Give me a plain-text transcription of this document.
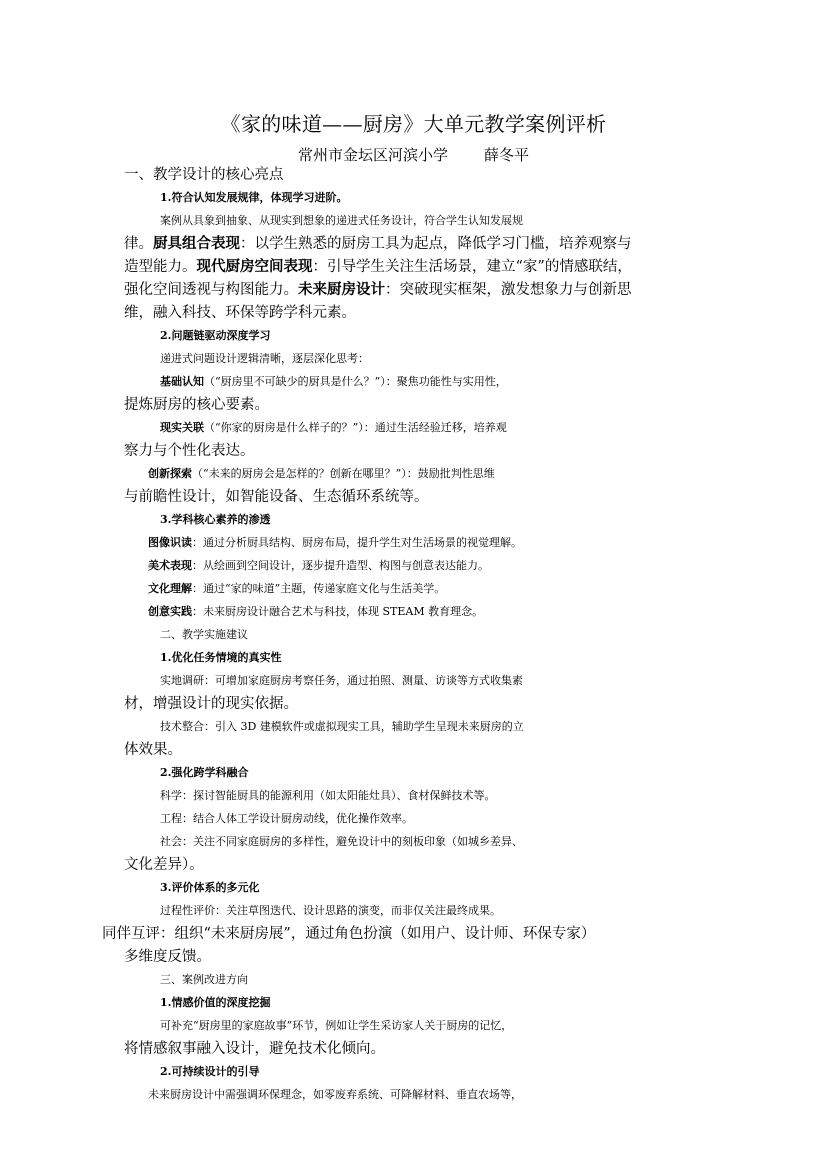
《家的味道——厨房》大单元教学案例评析
常州市金坛区河滨小学 薛冬平
一、教学设计的核心亮点
1.符合认知发展规律，体现学习进阶。
案例从具象到抽象、从现实到想象的递进式任务设计，符合学生认知发展规
律。厨具组合表现：以学生熟悉的厨房工具为起点，降低学习门槛，培养观察与
造型能力。现代厨房空间表现：引导学生关注生活场景，建立“家”的情感联结，
强化空间透视与构图能力。未来厨房设计：突破现实框架，激发想象力与创新思
维，融入科技、环保等跨学科元素。
2.问题链驱动深度学习
递进式问题设计逻辑清晰，逐层深化思考：
基础认知（“厨房里不可缺少的厨具是什么？”）：聚焦功能性与实用性，
提炼厨房的核心要素。
现实关联（“你家的厨房是什么样子的？”）：通过生活经验迁移，培养观
察力与个性化表达。
创新探索（“未来的厨房会是怎样的？创新在哪里？”）：鼓励批判性思维
与前瞻性设计，如智能设备、生态循环系统等。
3.学科核心素养的渗透
图像识读：通过分析厨具结构、厨房布局，提升学生对生活场景的视觉理解。
美术表现：从绘画到空间设计，逐步提升造型、构图与创意表达能力。
文化理解：通过“家的味道”主题，传递家庭文化与生活美学。
创意实践：未来厨房设计融合艺术与科技，体现 STEAM 教育理念。
二、教学实施建议
1.优化任务情境的真实性
实地调研：可增加家庭厨房考察任务，通过拍照、测量、访谈等方式收集素
材，增强设计的现实依据。
技术整合：引入 3D 建模软件或虚拟现实工具，辅助学生呈现未来厨房的立
体效果。
2.强化跨学科融合
科学：探讨智能厨具的能源利用（如太阳能灶具）、食材保鲜技术等。
工程：结合人体工学设计厨房动线，优化操作效率。
社会：关注不同家庭厨房的多样性，避免设计中的刻板印象（如城乡差异、
文化差异）。
3.评价体系的多元化
过程性评价：关注草图迭代、设计思路的演变，而非仅关注最终成果。
同伴互评：组织“未来厨房展”，通过角色扮演（如用户、设计师、环保专家）
多维度反馈。
三、案例改进方向
1.情感价值的深度挖掘
可补充“厨房里的家庭故事”环节，例如让学生采访家人关于厨房的记忆，
将情感叙事融入设计，避免技术化倾向。
2.可持续设计的引导
未来厨房设计中需强调环保理念，如零废弃系统、可降解材料、垂直农场等，
